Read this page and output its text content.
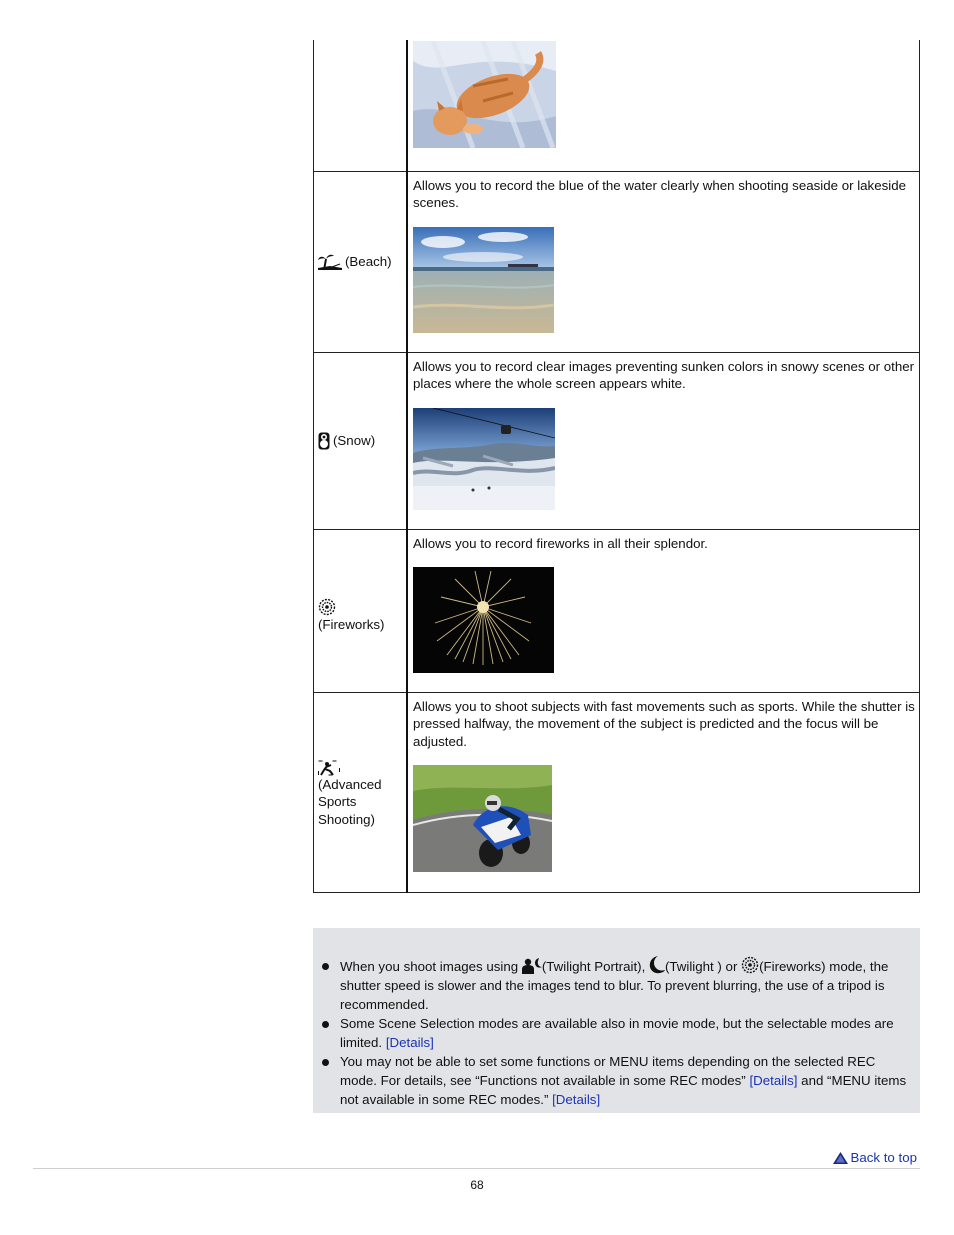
(Beach)	Allows you to record the blue of the water clearly when shooting seaside or lakeside scenes.

(Snow)	Allows you to record clear images preventing sunken colors in snowy scenes or other places where the whole screen appears white.

(Fireworks)	Allows you to record fireworks in all their splendor.

(Advanced Sports Shooting)	Allows you to shoot subjects with fast movements such as sports. While the shutter is pressed halfway, the movement of the subject is predicted and the focus will be adjusted.

When you shoot images using (Twilight Portrait), (Twilight ) or (Fireworks) mode, the shutter speed is slower and the images tend to blur. To prevent blurring, the use of a tripod is recommended.
Some Scene Selection modes are available also in movie mode, but the selectable modes are limited. [Details]
You may not be able to set some functions or MENU items depending on the selected REC mode. For details, see “Functions not available in some REC modes” [Details] and “MENU items not available in some REC modes.” [Details]
Back to top
68
